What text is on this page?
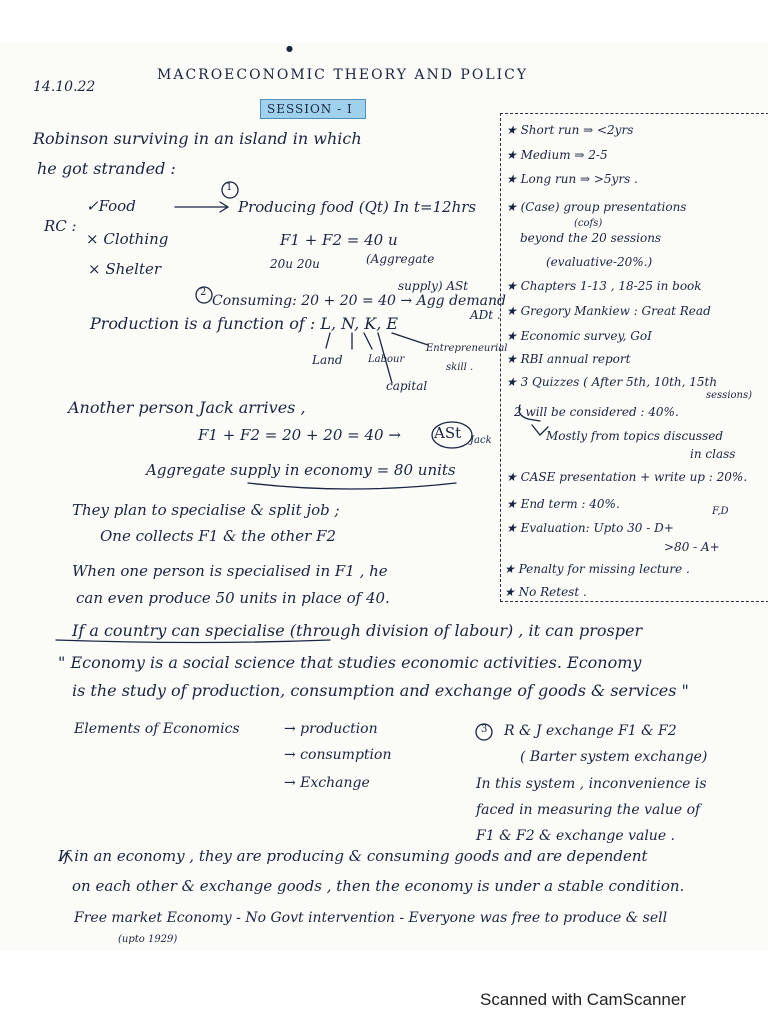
14.10.22
MACROECONOMIC THEORY AND POLICY
SESSION - I
Robinson surviving in an island in which
he got stranded :
RC :
✓Food
× Clothing
× Shelter
1
Producing food (Qt) In t=12hrs
F1 + F2 = 40 u
20u 20u	(Aggregate
supply) ASt
2
Consuming: 20 + 20 = 40 → Agg demand
ADt .
Production is a function of : L, N, K, E
Land	Labour
Entrepreneurial
skill .
capital
Another person Jack arrives ,
F1 + F2 = 20 + 20 = 40 → ASt Jack
Aggregate supply in economy = 80 units
They plan to specialise & split job ;
One collects F1 & the other F2
When one person is specialised in F1 , he
can even produce 50 units in place of 40.
★ Short run ⇒ <2yrs
★ Medium ⇒ 2-5
★ Long run ⇒ >5yrs .
(cofs)
★ (Case) group presentations
beyond the 20 sessions
(evaluative-20%.)
★ Chapters 1-13 , 18-25 in book
★ Gregory Mankiew : Great Read
★ Economic survey, GoI
★ RBI annual report
★ 3 Quizzes ( After 5th, 10th, 15th
sessions)
2 will be considered : 40%.
Mostly from topics discussed
in class
★ CASE presentation + write up : 20%.
★ End term : 40%.
F,D
★ Evaluation: Upto 30 - D+
>80 - A+
★ Penalty for missing lecture .
★ No Retest .
If a country can specialise (through division of labour) , it can prosper
" Economy is a social science that studies economic activities. Economy
is the study of production, consumption and exchange of goods & services "
Elements of Economics	→ production
→ consumption
→ Exchange
3 R & J exchange F1 & F2
( Barter system exchange)
In this system , inconvenience is
faced in measuring the value of
F1 & F2 & exchange value .
If in an economy , they are producing & consuming goods and are dependent
on each other & exchange goods , then the economy is under a stable condition.
Free market Economy - No Govt intervention - Everyone was free to produce & sell
(upto 1929)
●
Scanned with CamScanner
